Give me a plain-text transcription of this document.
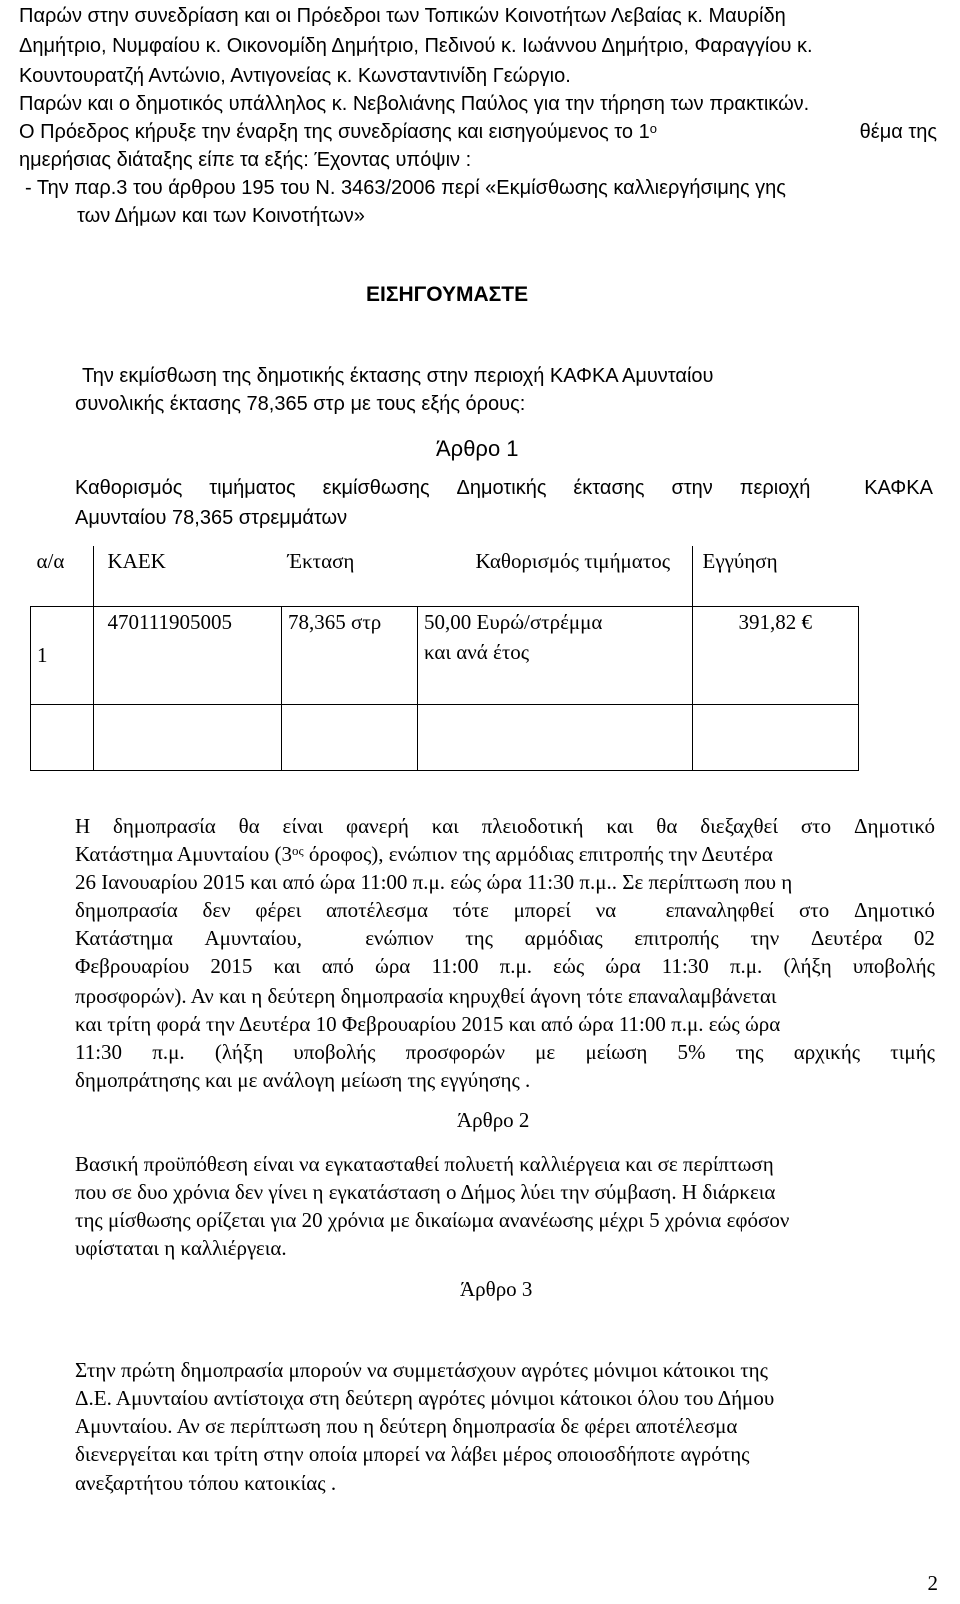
Παρών στην συνεδρίαση και οι Πρόεδροι των Τοπικών Κοινοτήτων Λεβαίας κ. Μαυρίδη
Δημήτριο, Νυμφαίου κ. Οικονομίδη Δημήτριο, Πεδινού κ. Ιωάννου Δημήτριο, Φαραγγίου κ.
Κουντουρατζή Αντώνιο, Αντιγονείας κ. Κωνσταντινίδη Γεώργιο.
Παρών και ο δημοτικός υπάλληλος κ. Νεβολιάνης Παύλος για την τήρηση των πρακτικών.
Ο Πρόεδρος κήρυξε την έναρξη της συνεδρίασης και εισηγούμενος το $1^o$	θέμα της
ημερήσιας διάταξης είπε τα εξής: Έχοντας υπόψιν :
- Την παρ.3 του άρθρου 195 του Ν. 3463/2006 περί «Εκμίσθωσης καλλιεργήσιμης γης
των Δήμων και των Κοινοτήτων»
ΕΙΣΗΓΟΥΜΑΣΤΕ
Την εκμίσθωση της δημοτικής έκτασης στην περιοχή ΚΑΦΚΑ Αμυνταίου
συνολικής έκτασης 78,365 στρ με τους εξής όρους:
Άρθρο 1
Καθορισμός τιμήματος εκμίσθωσης Δημοτικής έκτασης στην περιοχή	ΚΑΦΚΑ
Αμυνταίου 78,365 στρεμμάτων
α/α	ΚΑΕΚ	Έκταση	Καθορισμός τιμήματος	Εγγύηση
1	470111905005	78,365 στρ	50,00 Ευρώ/στρέμμα και ανά έτος	391,82 €

Η δημοπρασία θα είναι φανερή και πλειοδοτική και θα διεξαχθεί στο Δημοτικό
Κατάστημα Αμυνταίου ($3^{o\varsigma}$ όροφος), ενώπιον της αρμόδιας επιτροπής την Δευτέρα
26 Ιανουαρίου 2015 και από ώρα 11:00 π.μ. εώς ώρα 11:30 π.μ.. Σε περίπτωση που η
δημοπρασία δεν φέρει αποτέλεσμα τότε μπορεί να επαναληφθεί στο Δημοτικό
Κατάστημα Αμυνταίου,	ενώπιον της αρμόδιας επιτροπής την Δευτέρα 02
Φεβρουαρίου 2015 και από ώρα 11:00 π.μ. εώς ώρα 11:30 π.μ. (λήξη υποβολής
προσφορών). Αν και η δεύτερη δημοπρασία κηρυχθεί άγονη τότε επαναλαμβάνεται
και τρίτη φορά την Δευτέρα 10 Φεβρουαρίου 2015 και από ώρα 11:00 π.μ. εώς ώρα
11:30 π.μ. (λήξη υποβολής προσφορών με μείωση 5% της αρχικής τιμής
δημοπράτησης και με ανάλογη μείωση της εγγύησης .
Άρθρο 2
Βασική προϋπόθεση είναι να εγκατασταθεί πολυετή καλλιέργεια και σε περίπτωση
που σε δυο χρόνια δεν γίνει η εγκατάσταση ο Δήμος λύει την σύμβαση. Η διάρκεια
της μίσθωσης ορίζεται για 20 χρόνια με δικαίωμα ανανέωσης μέχρι 5 χρόνια εφόσον
υφίσταται η καλλιέργεια.
Άρθρο 3
Στην πρώτη δημοπρασία μπορούν να συμμετάσχουν αγρότες μόνιμοι κάτοικοι της
Δ.Ε. Αμυνταίου αντίστοιχα στη δεύτερη αγρότες μόνιμοι κάτοικοι όλου του Δήμου
Αμυνταίου. Αν σε περίπτωση που η δεύτερη δημοπρασία δε φέρει αποτέλεσμα
διενεργείται και τρίτη στην οποία μπορεί να λάβει μέρος οποιοσδήποτε αγρότης
ανεξαρτήτου τόπου κατοικίας .
2
